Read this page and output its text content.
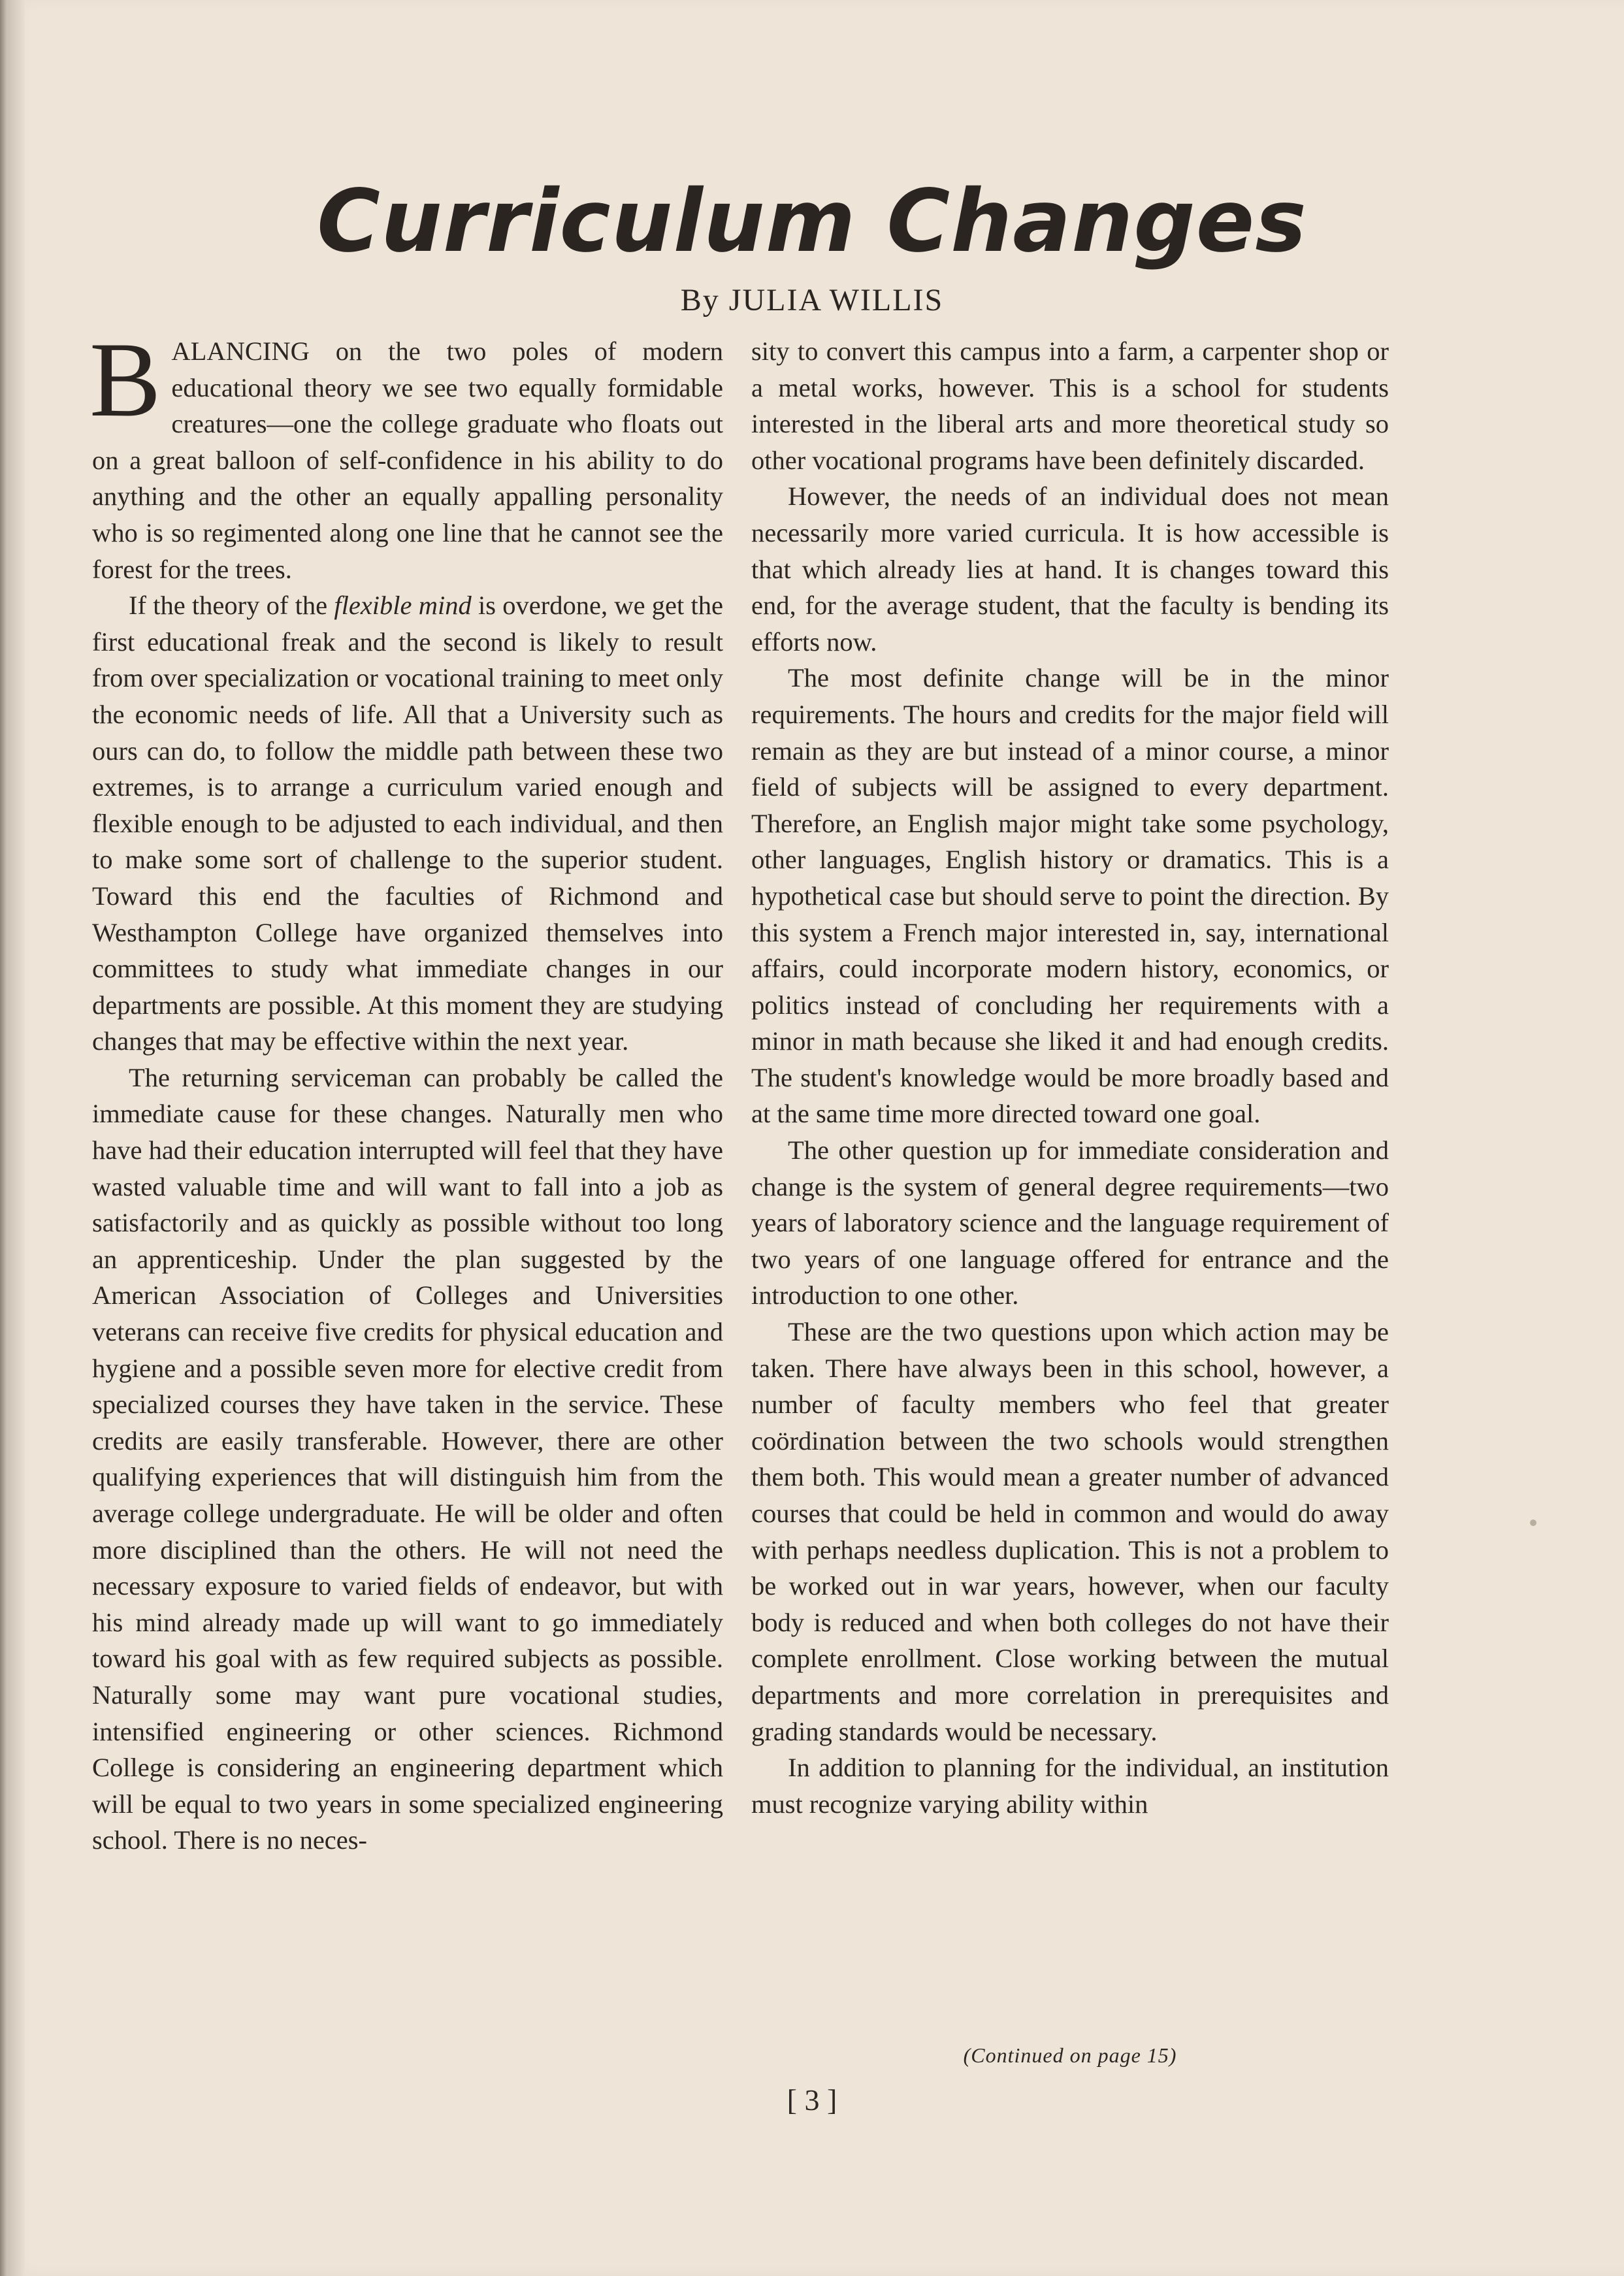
Curriculum Changes
By JULIA WILLIS

BALANCING on the two poles of modern educational theory we see two equally formidable creatures—one the college graduate who floats out on a great balloon of self-confidence in his ability to do anything and the other an equally appalling personality who is so regimented along one line that he cannot see the forest for the trees.

If the theory of the flexible mind is overdone, we get the first educational freak and the second is likely to result from over specialization or vocational training to meet only the economic needs of life. All that a University such as ours can do, to follow the middle path between these two extremes, is to arrange a curriculum varied enough and flexible enough to be adjusted to each individual, and then to make some sort of challenge to the superior student. Toward this end the faculties of Richmond and Westhampton College have organized themselves into committees to study what immediate changes in our departments are possible. At this moment they are studying changes that may be effective within the next year.

The returning serviceman can probably be called the immediate cause for these changes. Naturally men who have had their education interrupted will feel that they have wasted valuable time and will want to fall into a job as satisfactorily and as quickly as possible without too long an apprenticeship. Under the plan suggested by the American Association of Colleges and Universities veterans can receive five credits for physical education and hygiene and a possible seven more for elective credit from specialized courses they have taken in the service. These credits are easily transferable. However, there are other qualifying experiences that will distinguish him from the average college undergraduate. He will be older and often more disciplined than the others. He will not need the necessary exposure to varied fields of endeavor, but with his mind already made up will want to go immediately toward his goal with as few required subjects as possible. Naturally some may want pure vocational studies, intensified engineering or other sciences. Richmond College is considering an engineering department which will be equal to two years in some specialized engineering school. There is no neces-

sity to convert this campus into a farm, a carpenter shop or a metal works, however. This is a school for students interested in the liberal arts and more theoretical study so other vocational programs have been definitely discarded.

However, the needs of an individual does not mean necessarily more varied curricula. It is how accessible is that which already lies at hand. It is changes toward this end, for the average student, that the faculty is bending its efforts now.

The most definite change will be in the minor requirements. The hours and credits for the major field will remain as they are but instead of a minor course, a minor field of subjects will be assigned to every department. Therefore, an English major might take some psychology, other languages, English history or dramatics. This is a hypothetical case but should serve to point the direction. By this system a French major interested in, say, international affairs, could incorporate modern history, economics, or politics instead of concluding her requirements with a minor in math because she liked it and had enough credits. The student's knowledge would be more broadly based and at the same time more directed toward one goal.

The other question up for immediate consideration and change is the system of general degree requirements—two years of laboratory science and the language requirement of two years of one language offered for entrance and the introduction to one other.

These are the two questions upon which action may be taken. There have always been in this school, however, a number of faculty members who feel that greater coördination between the two schools would strengthen them both. This would mean a greater number of advanced courses that could be held in common and would do away with perhaps needless duplication. This is not a problem to be worked out in war years, however, when our faculty body is reduced and when both colleges do not have their complete enrollment. Close working between the mutual departments and more correlation in prerequisites and grading standards would be necessary.

In addition to planning for the individual, an institution must recognize varying ability within

(Continued on page 15)
[ 3 ]
